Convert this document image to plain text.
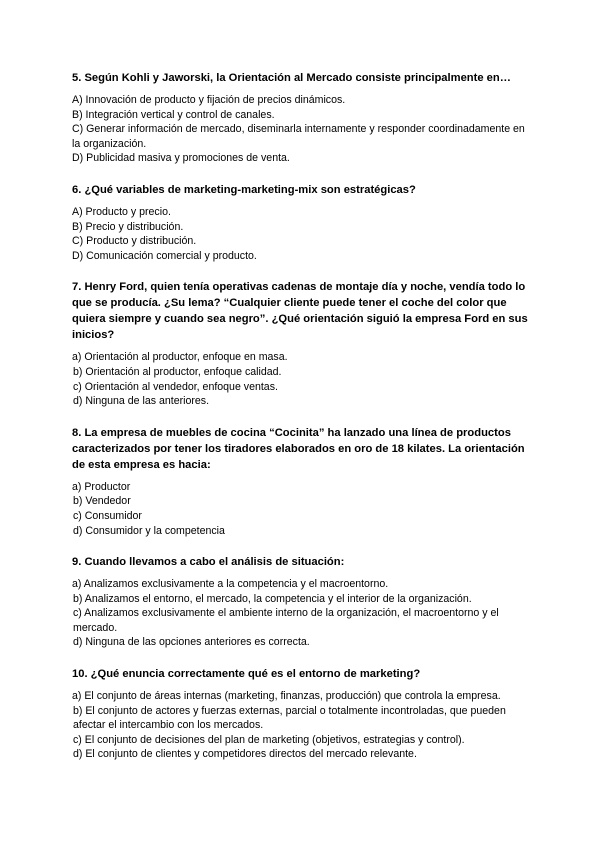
5. Según Kohli y Jaworski, la Orientación al Mercado consiste principalmente en…

A) Innovación de producto y fijación de precios dinámicos.

B) Integración vertical y control de canales.

C) Generar información de mercado, diseminarla internamente y responder coordinadamente en la organización.

D) Publicidad masiva y promociones de venta.

6. ¿Qué variables de marketing-marketing-mix son estratégicas?

A) Producto y precio.

B) Precio y distribución.

C) Producto y distribución.

D) Comunicación comercial y producto.

7. Henry Ford, quien tenía operativas cadenas de montaje día y noche, vendía todo lo que se producía. ¿Su lema? “Cualquier cliente puede tener el coche del color que quiera siempre y cuando sea negro”. ¿Qué orientación siguió la empresa Ford en sus inicios?

a) Orientación al productor, enfoque en masa.

b) Orientación al productor, enfoque calidad.

c) Orientación al vendedor, enfoque ventas.

d) Ninguna de las anteriores.

8. La empresa de muebles de cocina “Cocinita” ha lanzado una línea de productos caracterizados por tener los tiradores elaborados en oro de 18 kilates. La orientación de esta empresa es hacia:

a) Productor

b) Vendedor

c) Consumidor

d) Consumidor y la competencia

9. Cuando llevamos a cabo el análisis de situación:

a) Analizamos exclusivamente a la competencia y el macroentorno.

b) Analizamos el entorno, el mercado, la competencia y el interior de la organización.

c) Analizamos exclusivamente el ambiente interno de la organización, el macroentorno y el mercado.

d) Ninguna de las opciones anteriores es correcta.

10. ¿Qué enuncia correctamente qué es el entorno de marketing?

a) El conjunto de áreas internas (marketing, finanzas, producción) que controla la empresa.

b) El conjunto de actores y fuerzas externas, parcial o totalmente incontroladas, que pueden afectar el intercambio con los mercados.

c) El conjunto de decisiones del plan de marketing (objetivos, estrategias y control).

d) El conjunto de clientes y competidores directos del mercado relevante.
